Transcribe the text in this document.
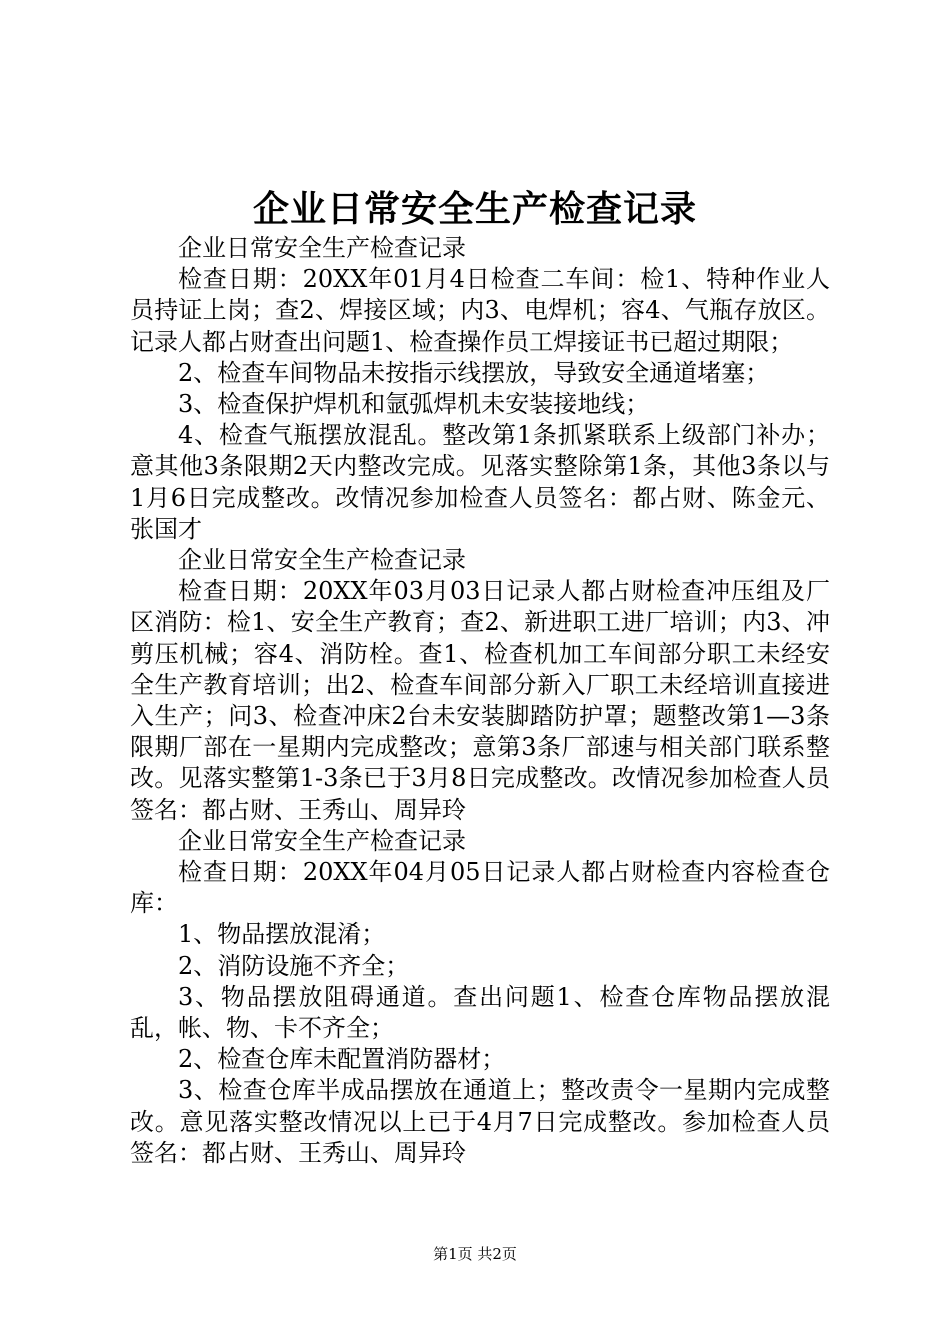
企业日常安全生产检查记录

企业日常安全生产检查记录

检查日期：20XX年01月4日检查二车间：检1、特种作业人员持证上岗；查2、焊接区域；内3、电焊机；容4、气瓶存放区。记录人都占财查出问题1、检查操作员工焊接证书已超过期限；

2、检查车间物品未按指示线摆放，导致安全通道堵塞；

3、检查保护焊机和氩弧焊机未安装接地线；

4、检查气瓶摆放混乱。整改第1条抓紧联系上级部门补办；意其他3条限期2天内整改完成。见落实整除第1条，其他3条以与1月6日完成整改。改情况参加检查人员签名：都占财、陈金元、张国才

企业日常安全生产检查记录

检查日期：20XX年03月03日记录人都占财检查冲压组及厂区消防：检1、安全生产教育；查2、新进职工进厂培训；内3、冲剪压机械；容4、消防栓。查1、检查机加工车间部分职工未经安全生产教育培训；出2、检查车间部分新入厂职工未经培训直接进入生产；问3、检查冲床2台未安装脚踏防护罩；题整改第1—3条限期厂部在一星期内完成整改；意第3条厂部速与相关部门联系整改。见落实整第1-3条已于3月8日完成整改。改情况参加检查人员签名：都占财、王秀山、周异玲

企业日常安全生产检查记录

检查日期：20XX年04月05日记录人都占财检查内容检查仓库：

1、物品摆放混淆；

2、消防设施不齐全；

3、物品摆放阻碍通道。查出问题1、检查仓库物品摆放混乱，帐、物、卡不齐全；

2、检查仓库未配置消防器材；

3、检查仓库半成品摆放在通道上；整改责令一星期内完成整改。意见落实整改情况以上已于4月7日完成整改。参加检查人员签名：都占财、王秀山、周异玲

第1页 共2页
